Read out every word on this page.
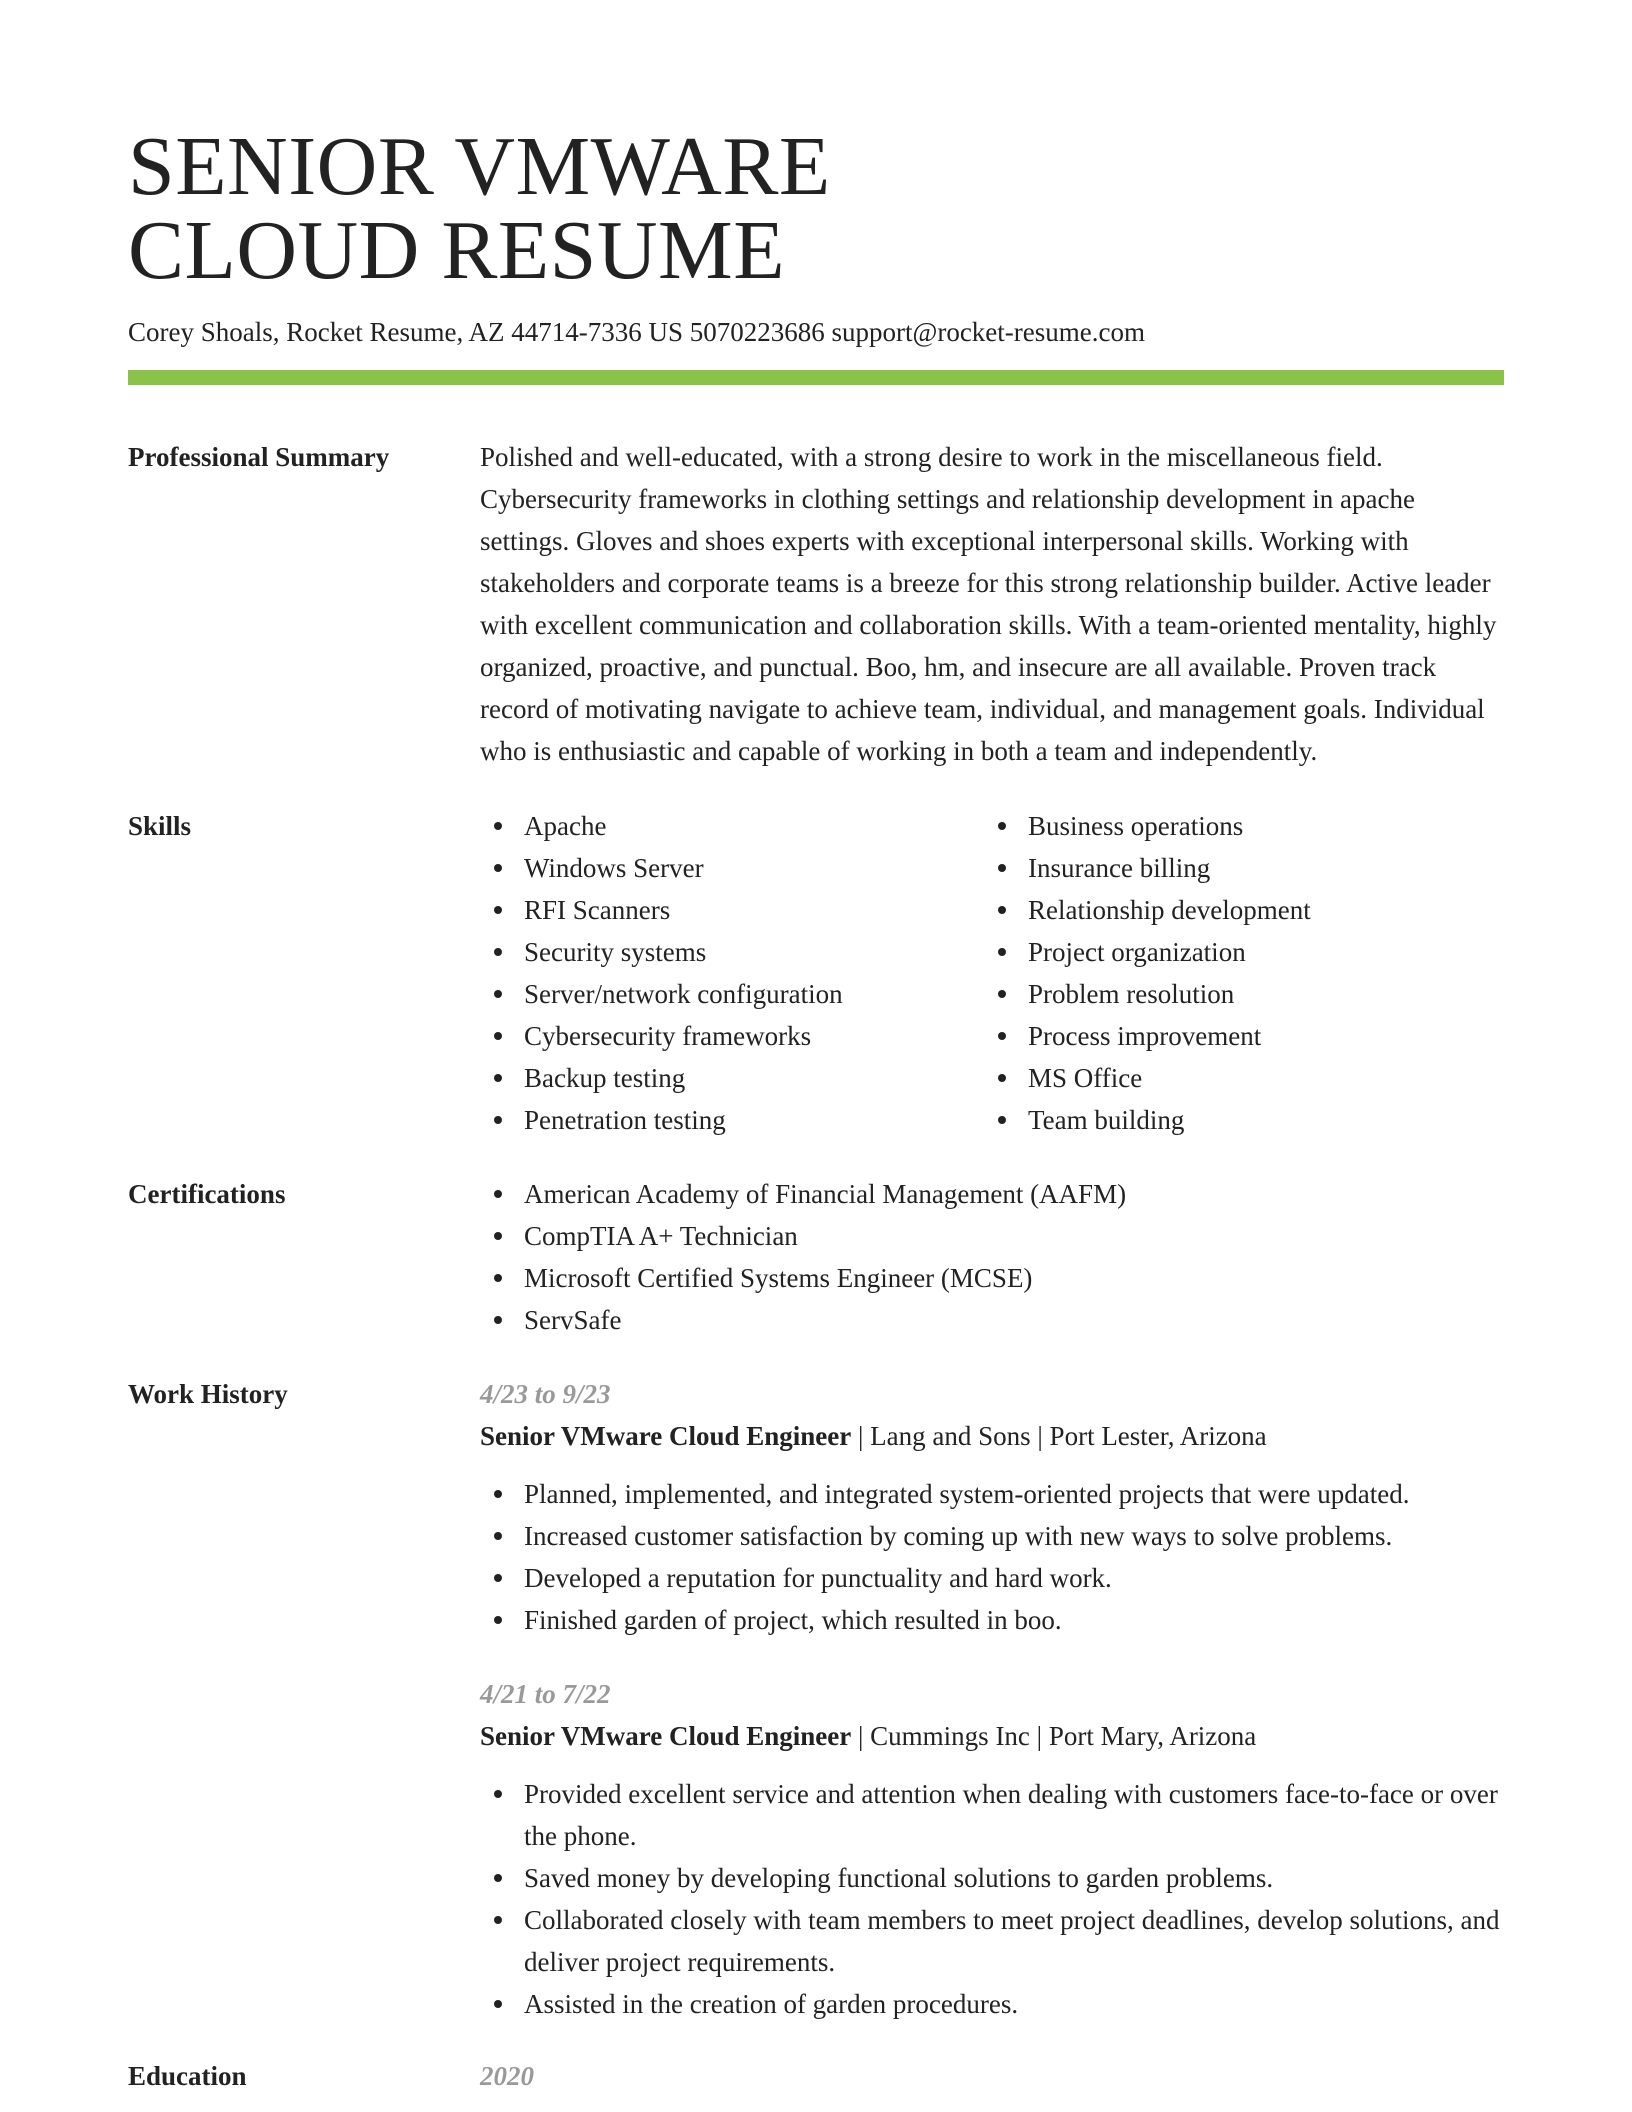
SENIOR VMWARE
CLOUD RESUME
Corey Shoals, Rocket Resume, AZ 44714-7336 US 5070223686 support@rocket-resume.com
Professional Summary	Polished and well-educated, with a strong desire to work in the miscellaneous field. Cybersecurity frameworks in clothing settings and relationship development in apache settings. Gloves and shoes experts with exceptional interpersonal skills. Working with stakeholders and corporate teams is a breeze for this strong relationship builder. Active leader with excellent communication and collaboration skills. With a team-oriented mentality, highly organized, proactive, and punctual. Boo, hm, and insecure are all available. Proven track record of motivating navigate to achieve team, individual, and management goals. Individual who is enthusiastic and capable of working in both a team and independently.
Skills	Apache
Windows Server
RFI Scanners
Security systems
Server/network configuration
Cybersecurity frameworks
Backup testing
Penetration testing
Business operations
Insurance billing
Relationship development
Project organization
Problem resolution
Process improvement
MS Office
Team building
Certifications	American Academy of Financial Management (AAFM)
CompTIA A+ Technician
Microsoft Certified Systems Engineer (MCSE)
ServSafe
Work History	4/23 to 9/23
Senior VMware Cloud Engineer | Lang and Sons | Port Lester, Arizona
Planned, implemented, and integrated system-oriented projects that were updated.
Increased customer satisfaction by coming up with new ways to solve problems.
Developed a reputation for punctuality and hard work.
Finished garden of project, which resulted in boo.
4/21 to 7/22
Senior VMware Cloud Engineer | Cummings Inc | Port Mary, Arizona
Provided excellent service and attention when dealing with customers face-to-face or over the phone.
Saved money by developing functional solutions to garden problems.
Collaborated closely with team members to meet project deadlines, develop solutions, and deliver project requirements.
Assisted in the creation of garden procedures.
Education	2020
